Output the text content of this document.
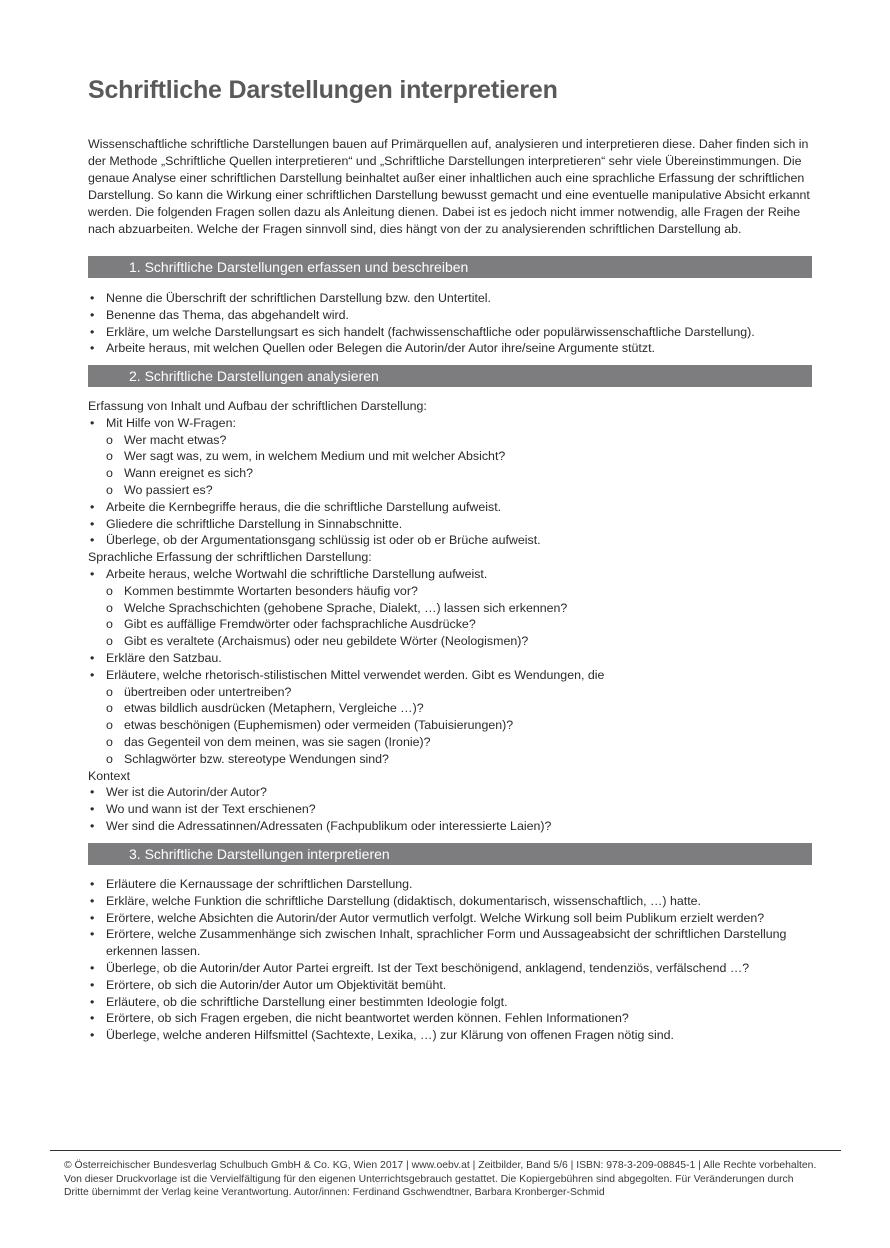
Schriftliche Darstellungen interpretieren

Wissenschaftliche schriftliche Darstellungen bauen auf Primärquellen auf, analysieren und interpretieren diese. Daher finden sich in der Methode „Schriftliche Quellen interpretieren“ und „Schriftliche Darstellungen interpretieren“ sehr viele Übereinstimmungen. Die genaue Analyse einer schriftlichen Darstellung beinhaltet außer einer inhaltlichen auch eine sprachliche Erfassung der schriftlichen Darstellung. So kann die Wirkung einer schriftlichen Darstellung bewusst gemacht und eine eventuelle manipulative Absicht erkannt werden. Die folgenden Fragen sollen dazu als Anleitung dienen. Dabei ist es jedoch nicht immer notwendig, alle Fragen der Reihe nach abzuarbeiten. Welche der Fragen sinnvoll sind, dies hängt von der zu analysierenden schriftlichen Darstellung ab.

1. Schriftliche Darstellungen erfassen und beschreiben
• Nenne die Überschrift der schriftlichen Darstellung bzw. den Untertitel.
• Benenne das Thema, das abgehandelt wird.
• Erkläre, um welche Darstellungsart es sich handelt (fachwissenschaftliche oder populärwissenschaftliche Darstellung).
• Arbeite heraus, mit welchen Quellen oder Belegen die Autorin/der Autor ihre/seine Argumente stützt.
2. Schriftliche Darstellungen analysieren
Erfassung von Inhalt und Aufbau der schriftlichen Darstellung:
• Mit Hilfe von W-Fragen:
o Wer macht etwas?
o Wer sagt was, zu wem, in welchem Medium und mit welcher Absicht?
o Wann ereignet es sich?
o Wo passiert es?
• Arbeite die Kernbegriffe heraus, die die schriftliche Darstellung aufweist.
• Gliedere die schriftliche Darstellung in Sinnabschnitte.
• Überlege, ob der Argumentationsgang schlüssig ist oder ob er Brüche aufweist.
Sprachliche Erfassung der schriftlichen Darstellung:
• Arbeite heraus, welche Wortwahl die schriftliche Darstellung aufweist.
o Kommen bestimmte Wortarten besonders häufig vor?
o Welche Sprachschichten (gehobene Sprache, Dialekt, …) lassen sich erkennen?
o Gibt es auffällige Fremdwörter oder fachsprachliche Ausdrücke?
o Gibt es veraltete (Archaismus) oder neu gebildete Wörter (Neologismen)?
• Erkläre den Satzbau.
• Erläutere, welche rhetorisch-stilistischen Mittel verwendet werden. Gibt es Wendungen, die
o übertreiben oder untertreiben?
o etwas bildlich ausdrücken (Metaphern, Vergleiche …)?
o etwas beschönigen (Euphemismen) oder vermeiden (Tabuisierungen)?
o das Gegenteil von dem meinen, was sie sagen (Ironie)?
o Schlagwörter bzw. stereotype Wendungen sind?
Kontext
• Wer ist die Autorin/der Autor?
• Wo und wann ist der Text erschienen?
• Wer sind die Adressatinnen/Adressaten (Fachpublikum oder interessierte Laien)?
3. Schriftliche Darstellungen interpretieren
• Erläutere die Kernaussage der schriftlichen Darstellung.
• Erkläre, welche Funktion die schriftliche Darstellung (didaktisch, dokumentarisch, wissenschaftlich, …) hatte.
• Erörtere, welche Absichten die Autorin/der Autor vermutlich verfolgt. Welche Wirkung soll beim Publikum erzielt werden?
• Erörtere, welche Zusammenhänge sich zwischen Inhalt, sprachlicher Form und Aussageabsicht der schriftlichen Darstellung erkennen lassen.
• Überlege, ob die Autorin/der Autor Partei ergreift. Ist der Text beschönigend, anklagend, tendenziös, verfälschend …?
• Erörtere, ob sich die Autorin/der Autor um Objektivität bemüht.
• Erläutere, ob die schriftliche Darstellung einer bestimmten Ideologie folgt.
• Erörtere, ob sich Fragen ergeben, die nicht beantwortet werden können. Fehlen Informationen?
• Überlege, welche anderen Hilfsmittel (Sachtexte, Lexika, …) zur Klärung von offenen Fragen nötig sind.
© Österreichischer Bundesverlag Schulbuch GmbH & Co. KG, Wien 2017 | www.oebv.at | Zeitbilder, Band 5/6 | ISBN: 978-3-209-08845-1 | Alle Rechte vorbehalten.
Von dieser Druckvorlage ist die Vervielfältigung für den eigenen Unterrichtsgebrauch gestattet. Die Kopiergebühren sind abgegolten. Für Veränderungen durch
Dritte übernimmt der Verlag keine Verantwortung. Autor/innen: Ferdinand Gschwendtner, Barbara Kronberger-Schmid
